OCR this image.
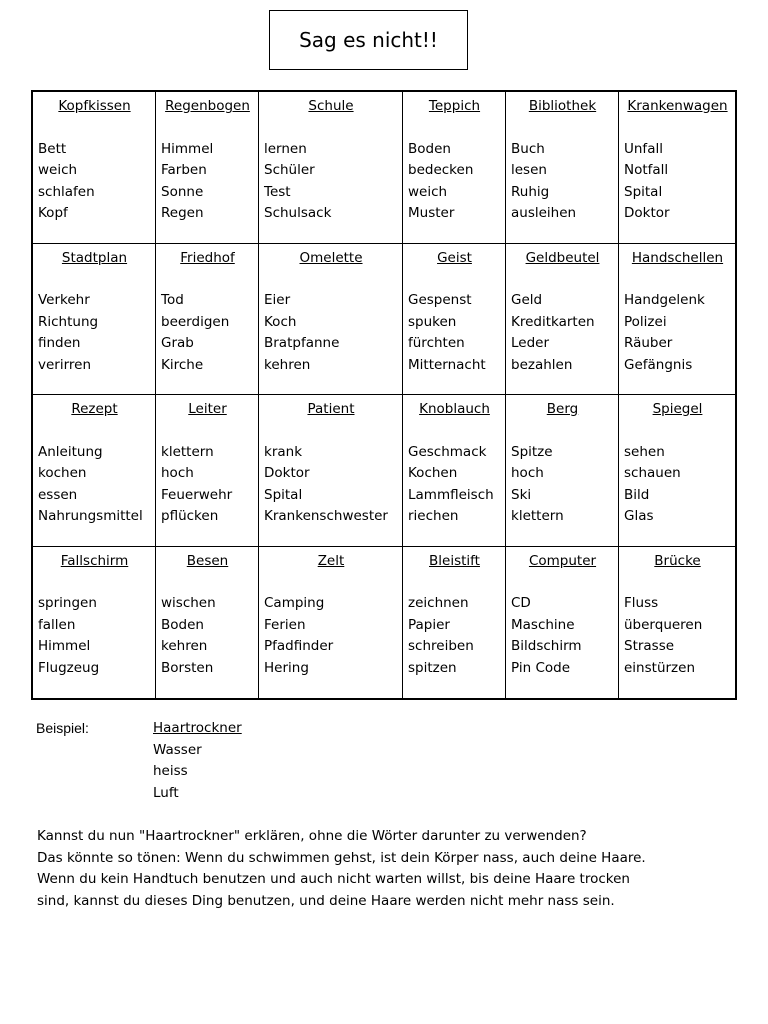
Sag es nicht!!
Kopfkissen
Bett
weich
schlafen
Kopf
Regenbogen
Himmel
Farben
Sonne
Regen
Schule
lernen
Schüler
Test
Schulsack
Teppich
Boden
bedecken
weich
Muster
Bibliothek
Buch
lesen
Ruhig
ausleihen
Krankenwagen
Unfall
Notfall
Spital
Doktor
Stadtplan
Verkehr
Richtung
finden
verirren
Friedhof
Tod
beerdigen
Grab
Kirche
Omelette
Eier
Koch
Bratpfanne
kehren
Geist
Gespenst
spuken
fürchten
Mitternacht
Geldbeutel
Geld
Kreditkarten
Leder
bezahlen
Handschellen
Handgelenk
Polizei
Räuber
Gefängnis
Rezept
Anleitung
kochen
essen
Nahrungsmittel
Leiter
klettern
hoch
Feuerwehr
pflücken
Patient
krank
Doktor
Spital
Krankenschwester
Knoblauch
Geschmack
Kochen
Lammfleisch
riechen
Berg
Spitze
hoch
Ski
klettern
Spiegel
sehen
schauen
Bild
Glas
Fallschirm
springen
fallen
Himmel
Flugzeug
Besen
wischen
Boden
kehren
Borsten
Zelt
Camping
Ferien
Pfadfinder
Hering
Bleistift
zeichnen
Papier
schreiben
spitzen
Computer
CD
Maschine
Bildschirm
Pin Code
Brücke
Fluss
überqueren
Strasse
einstürzen
Beispiel:	Haartrockner
Wasser
heiss
Luft

Kannst du nun "Haartrockner" erklären, ohne die Wörter darunter zu verwenden?

Das könnte so tönen: Wenn du schwimmen gehst, ist dein Körper nass, auch deine Haare.

Wenn du kein Handtuch benutzen und auch nicht warten willst, bis deine Haare trocken

sind, kannst du dieses Ding benutzen, und deine Haare werden nicht mehr nass sein.
